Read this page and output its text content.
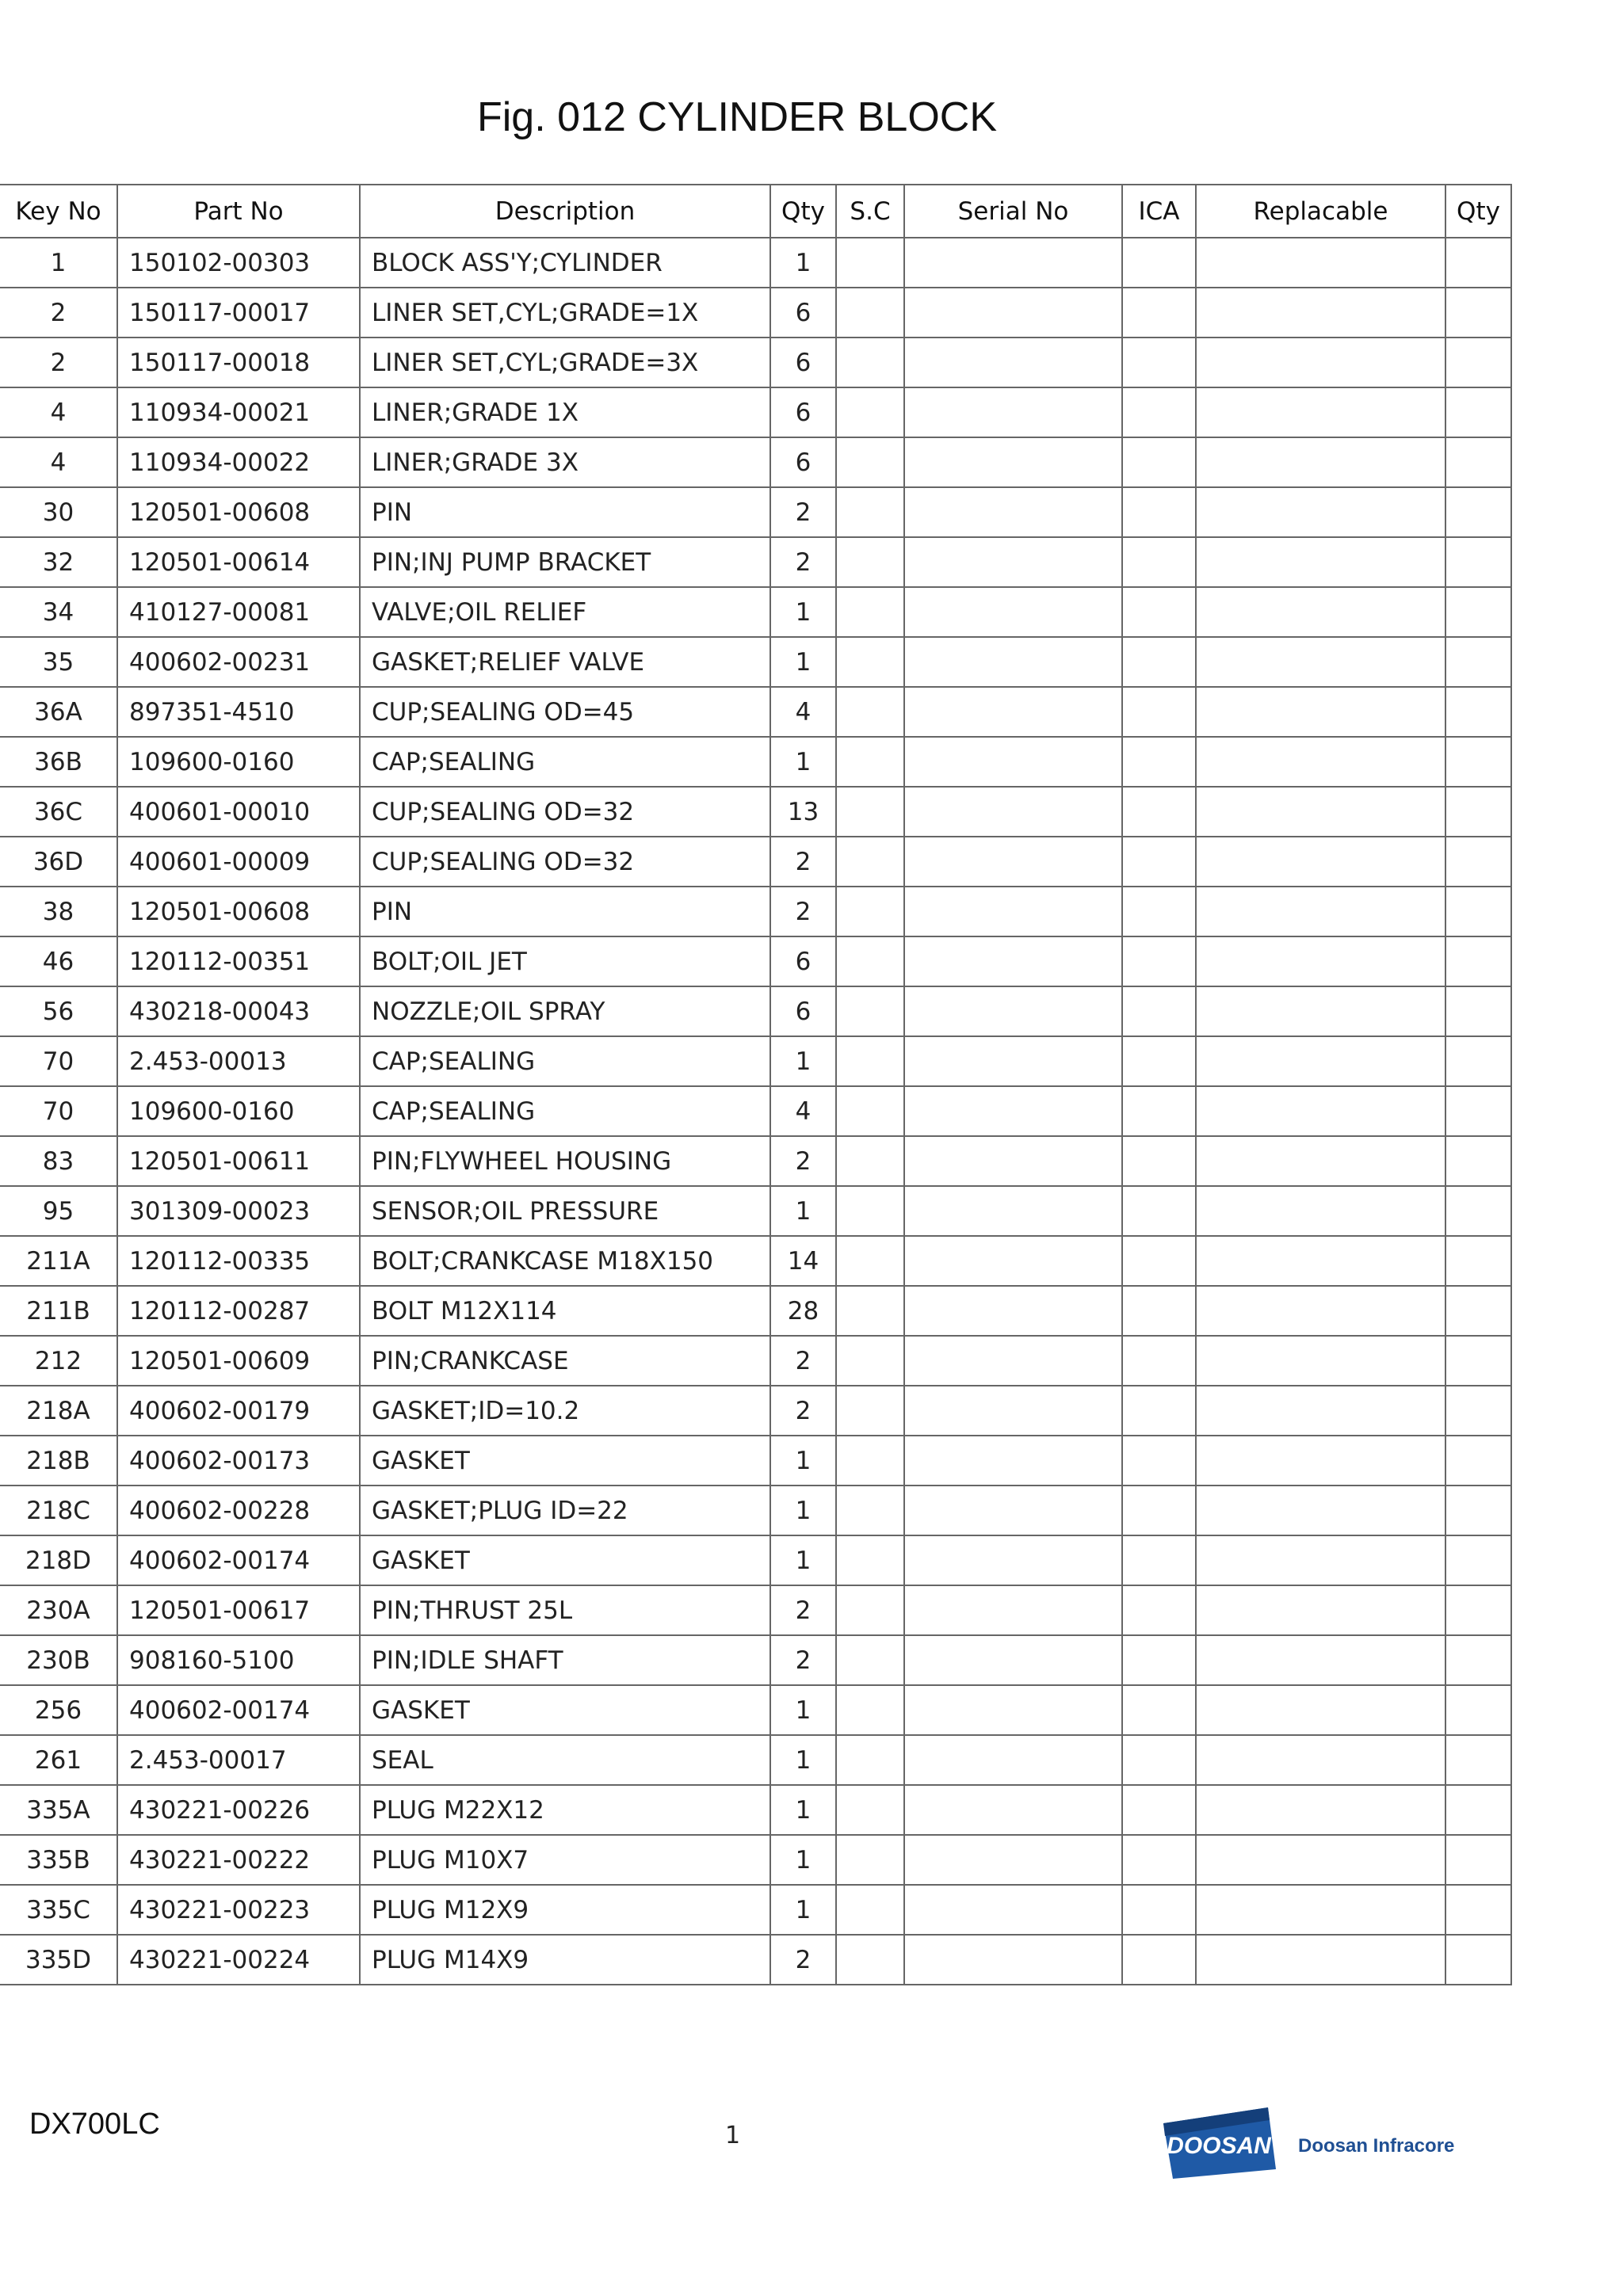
Fig. 012 CYLINDER BLOCK
Key No	Part No	Description	Qty	S.C	Serial No	ICA	Replacable	Qty
1	150102-00303	BLOCK ASS'Y;CYLINDER	1					
2	150117-00017	LINER SET,CYL;GRADE=1X	6					
2	150117-00018	LINER SET,CYL;GRADE=3X	6					
4	110934-00021	LINER;GRADE 1X	6					
4	110934-00022	LINER;GRADE 3X	6					
30	120501-00608	PIN	2					
32	120501-00614	PIN;INJ PUMP BRACKET	2					
34	410127-00081	VALVE;OIL RELIEF	1					
35	400602-00231	GASKET;RELIEF VALVE	1					
36A	897351-4510	CUP;SEALING OD=45	4					
36B	109600-0160	CAP;SEALING	1					
36C	400601-00010	CUP;SEALING OD=32	13					
36D	400601-00009	CUP;SEALING OD=32	2					
38	120501-00608	PIN	2					
46	120112-00351	BOLT;OIL JET	6					
56	430218-00043	NOZZLE;OIL SPRAY	6					
70	2.453-00013	CAP;SEALING	1					
70	109600-0160	CAP;SEALING	4					
83	120501-00611	PIN;FLYWHEEL HOUSING	2					
95	301309-00023	SENSOR;OIL PRESSURE	1					
211A	120112-00335	BOLT;CRANKCASE M18X150	14					
211B	120112-00287	BOLT M12X114	28					
212	120501-00609	PIN;CRANKCASE	2					
218A	400602-00179	GASKET;ID=10.2	2					
218B	400602-00173	GASKET	1					
218C	400602-00228	GASKET;PLUG ID=22	1					
218D	400602-00174	GASKET	1					
230A	120501-00617	PIN;THRUST 25L	2					
230B	908160-5100	PIN;IDLE SHAFT	2					
256	400602-00174	GASKET	1					
261	2.453-00017	SEAL	1					
335A	430221-00226	PLUG M22X12	1					
335B	430221-00222	PLUG M10X7	1					
335C	430221-00223	PLUG M12X9	1					
335D	430221-00224	PLUG M14X9	2					
DX700LC	1	DOOSAN Doosan Infracore
